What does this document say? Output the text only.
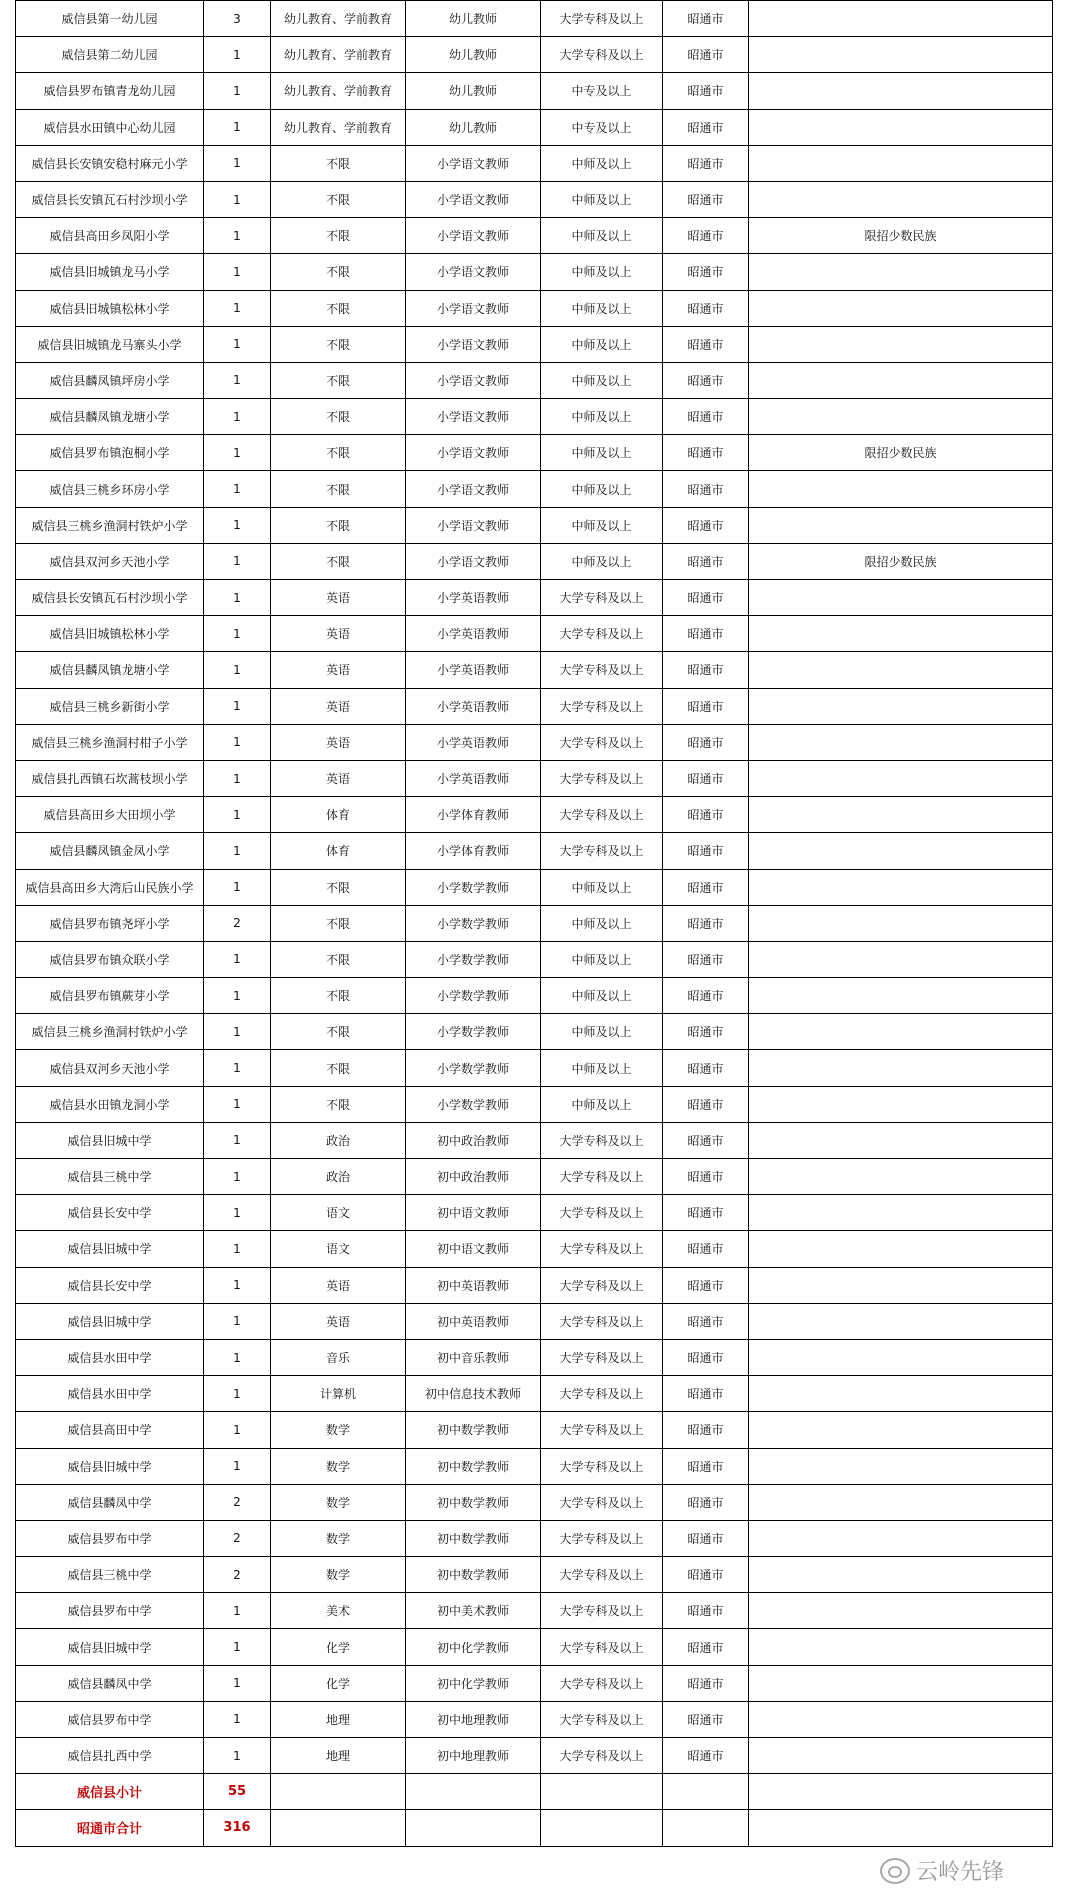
威信县第一幼儿园	3	幼儿教育、学前教育	幼儿教师	大学专科及以上	昭通市	
威信县第二幼儿园	1	幼儿教育、学前教育	幼儿教师	大学专科及以上	昭通市	
威信县罗布镇青龙幼儿园	1	幼儿教育、学前教育	幼儿教师	中专及以上	昭通市	
威信县水田镇中心幼儿园	1	幼儿教育、学前教育	幼儿教师	中专及以上	昭通市	
威信县长安镇安稳村麻元小学	1	不限	小学语文教师	中师及以上	昭通市	
威信县长安镇瓦石村沙坝小学	1	不限	小学语文教师	中师及以上	昭通市	
威信县高田乡凤阳小学	1	不限	小学语文教师	中师及以上	昭通市	限招少数民族
威信县旧城镇龙马小学	1	不限	小学语文教师	中师及以上	昭通市	
威信县旧城镇松林小学	1	不限	小学语文教师	中师及以上	昭通市	
威信县旧城镇龙马寨头小学	1	不限	小学语文教师	中师及以上	昭通市	
威信县麟凤镇坪房小学	1	不限	小学语文教师	中师及以上	昭通市	
威信县麟凤镇龙塘小学	1	不限	小学语文教师	中师及以上	昭通市	
威信县罗布镇泡桐小学	1	不限	小学语文教师	中师及以上	昭通市	限招少数民族
威信县三桃乡环房小学	1	不限	小学语文教师	中师及以上	昭通市	
威信县三桃乡渔洞村铁炉小学	1	不限	小学语文教师	中师及以上	昭通市	
威信县双河乡天池小学	1	不限	小学语文教师	中师及以上	昭通市	限招少数民族
威信县长安镇瓦石村沙坝小学	1	英语	小学英语教师	大学专科及以上	昭通市	
威信县旧城镇松林小学	1	英语	小学英语教师	大学专科及以上	昭通市	
威信县麟凤镇龙塘小学	1	英语	小学英语教师	大学专科及以上	昭通市	
威信县三桃乡新街小学	1	英语	小学英语教师	大学专科及以上	昭通市	
威信县三桃乡渔洞村柑子小学	1	英语	小学英语教师	大学专科及以上	昭通市	
威信县扎西镇石坎蒿枝坝小学	1	英语	小学英语教师	大学专科及以上	昭通市	
威信县高田乡大田坝小学	1	体育	小学体育教师	大学专科及以上	昭通市	
威信县麟凤镇金凤小学	1	体育	小学体育教师	大学专科及以上	昭通市	
威信县高田乡大湾后山民族小学	1	不限	小学数学教师	中师及以上	昭通市	
威信县罗布镇尧坪小学	2	不限	小学数学教师	中师及以上	昭通市	
威信县罗布镇众联小学	1	不限	小学数学教师	中师及以上	昭通市	
威信县罗布镇蕨芽小学	1	不限	小学数学教师	中师及以上	昭通市	
威信县三桃乡渔洞村铁炉小学	1	不限	小学数学教师	中师及以上	昭通市	
威信县双河乡天池小学	1	不限	小学数学教师	中师及以上	昭通市	
威信县水田镇龙洞小学	1	不限	小学数学教师	中师及以上	昭通市	
威信县旧城中学	1	政治	初中政治教师	大学专科及以上	昭通市	
威信县三桃中学	1	政治	初中政治教师	大学专科及以上	昭通市	
威信县长安中学	1	语文	初中语文教师	大学专科及以上	昭通市	
威信县旧城中学	1	语文	初中语文教师	大学专科及以上	昭通市	
威信县长安中学	1	英语	初中英语教师	大学专科及以上	昭通市	
威信县旧城中学	1	英语	初中英语教师	大学专科及以上	昭通市	
威信县水田中学	1	音乐	初中音乐教师	大学专科及以上	昭通市	
威信县水田中学	1	计算机	初中信息技术教师	大学专科及以上	昭通市	
威信县高田中学	1	数学	初中数学教师	大学专科及以上	昭通市	
威信县旧城中学	1	数学	初中数学教师	大学专科及以上	昭通市	
威信县麟凤中学	2	数学	初中数学教师	大学专科及以上	昭通市	
威信县罗布中学	2	数学	初中数学教师	大学专科及以上	昭通市	
威信县三桃中学	2	数学	初中数学教师	大学专科及以上	昭通市	
威信县罗布中学	1	美术	初中美术教师	大学专科及以上	昭通市	
威信县旧城中学	1	化学	初中化学教师	大学专科及以上	昭通市	
威信县麟凤中学	1	化学	初中化学教师	大学专科及以上	昭通市	
威信县罗布中学	1	地理	初中地理教师	大学专科及以上	昭通市	
威信县扎西中学	1	地理	初中地理教师	大学专科及以上	昭通市	
威信县小计	55					
昭通市合计	316					
云岭先锋
